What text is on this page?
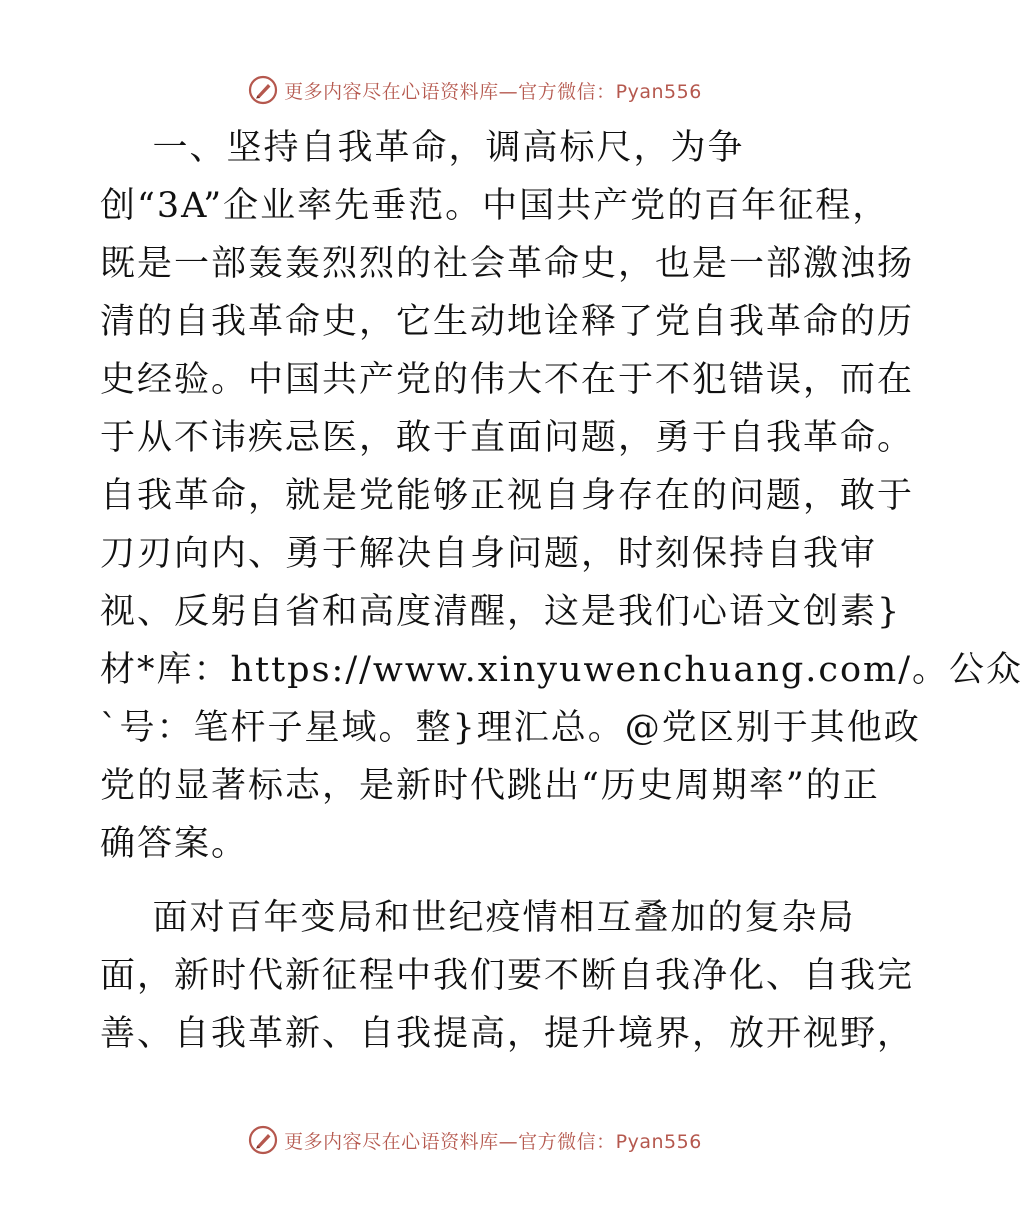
更多内容尽在心语资料库—官方微信：Pyan556
一、坚持自我革命，调高标尺，为争
创“3A”企业率先垂范。中国共产党的百年征程，
既是一部轰轰烈烈的社会革命史，也是一部激浊扬
清的自我革命史，它生动地诠释了党自我革命的历
史经验。中国共产党的伟大不在于不犯错误，而在
于从不讳疾忌医，敢于直面问题，勇于自我革命。
自我革命，就是党能够正视自身存在的问题，敢于
刀刃向内、勇于解决自身问题，时刻保持自我审
视、反躬自省和高度清醒，这是我们心语文创素}
材*库：https://www.xinyuwenchuang.com/。公众
`号：笔杆子星域。整}理汇总。@党区别于其他政
党的显著标志，是新时代跳出“历史周期率”的正
确答案。
面对百年变局和世纪疫情相互叠加的复杂局
面，新时代新征程中我们要不断自我净化、自我完
善、自我革新、自我提高，提升境界，放开视野，
更多内容尽在心语资料库—官方微信：Pyan556
